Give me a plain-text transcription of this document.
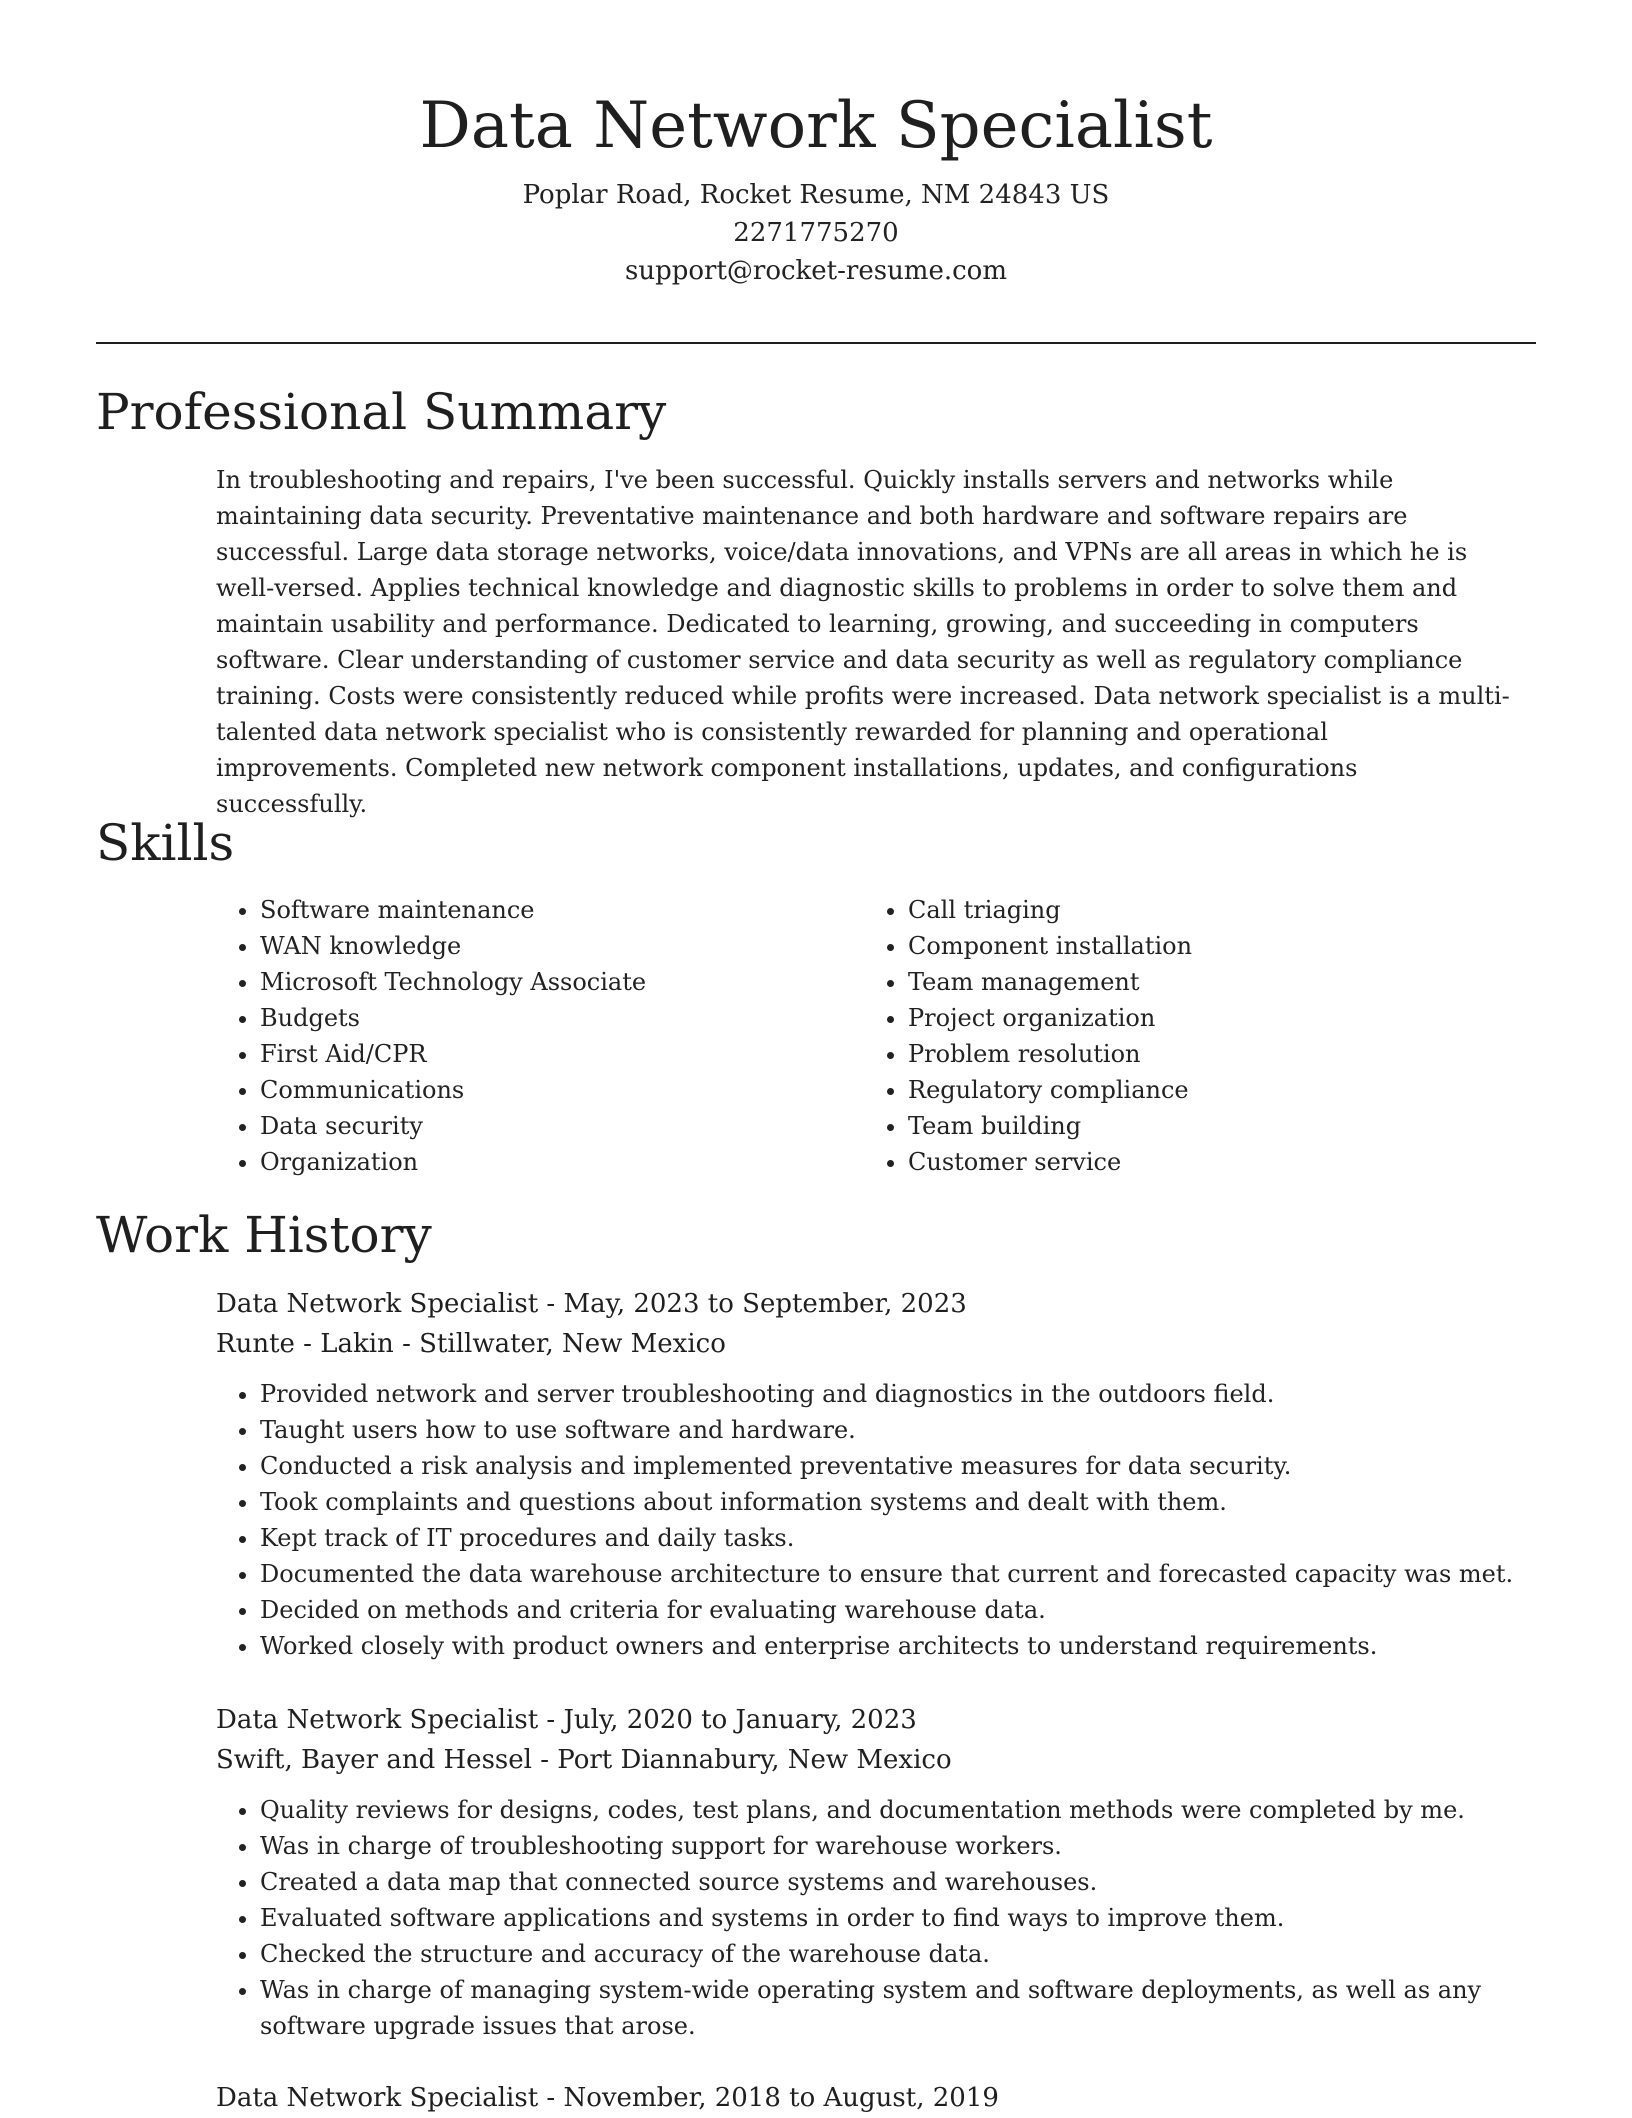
Data Network Specialist
Poplar Road, Rocket Resume, NM 24843 US
2271775270
support@rocket-resume.com
Professional Summary

In troubleshooting and repairs, I've been successful. Quickly installs servers and networks while maintaining data security. Preventative maintenance and both hardware and software repairs are successful. Large data storage networks, voice/data innovations, and VPNs are all areas in which he is well-versed. Applies technical knowledge and diagnostic skills to problems in order to solve them and maintain usability and performance. Dedicated to learning, growing, and succeeding in computers software. Clear understanding of customer service and data security as well as regulatory compliance training. Costs were consistently reduced while profits were increased. Data network specialist is a multi-talented data network specialist who is consistently rewarded for planning and operational improvements. Completed new network component installations, updates, and configurations successfully.

Skills
• Software maintenance
• WAN knowledge
• Microsoft Technology Associate
• Budgets
• First Aid/CPR
• Communications
• Data security
• Organization
• Call triaging
• Component installation
• Team management
• Project organization
• Problem resolution
• Regulatory compliance
• Team building
• Customer service
Work History
Data Network Specialist - May, 2023 to September, 2023
Runte - Lakin - Stillwater, New Mexico
• Provided network and server troubleshooting and diagnostics in the outdoors field.
• Taught users how to use software and hardware.
• Conducted a risk analysis and implemented preventative measures for data security.
• Took complaints and questions about information systems and dealt with them.
• Kept track of IT procedures and daily tasks.
• Documented the data warehouse architecture to ensure that current and forecasted capacity was met.
• Decided on methods and criteria for evaluating warehouse data.
• Worked closely with product owners and enterprise architects to understand requirements.
Data Network Specialist - July, 2020 to January, 2023
Swift, Bayer and Hessel - Port Diannabury, New Mexico
• Quality reviews for designs, codes, test plans, and documentation methods were completed by me.
• Was in charge of troubleshooting support for warehouse workers.
• Created a data map that connected source systems and warehouses.
• Evaluated software applications and systems in order to find ways to improve them.
• Checked the structure and accuracy of the warehouse data.
• Was in charge of managing system-wide operating system and software deployments, as well as any software upgrade issues that arose.
Data Network Specialist - November, 2018 to August, 2019
